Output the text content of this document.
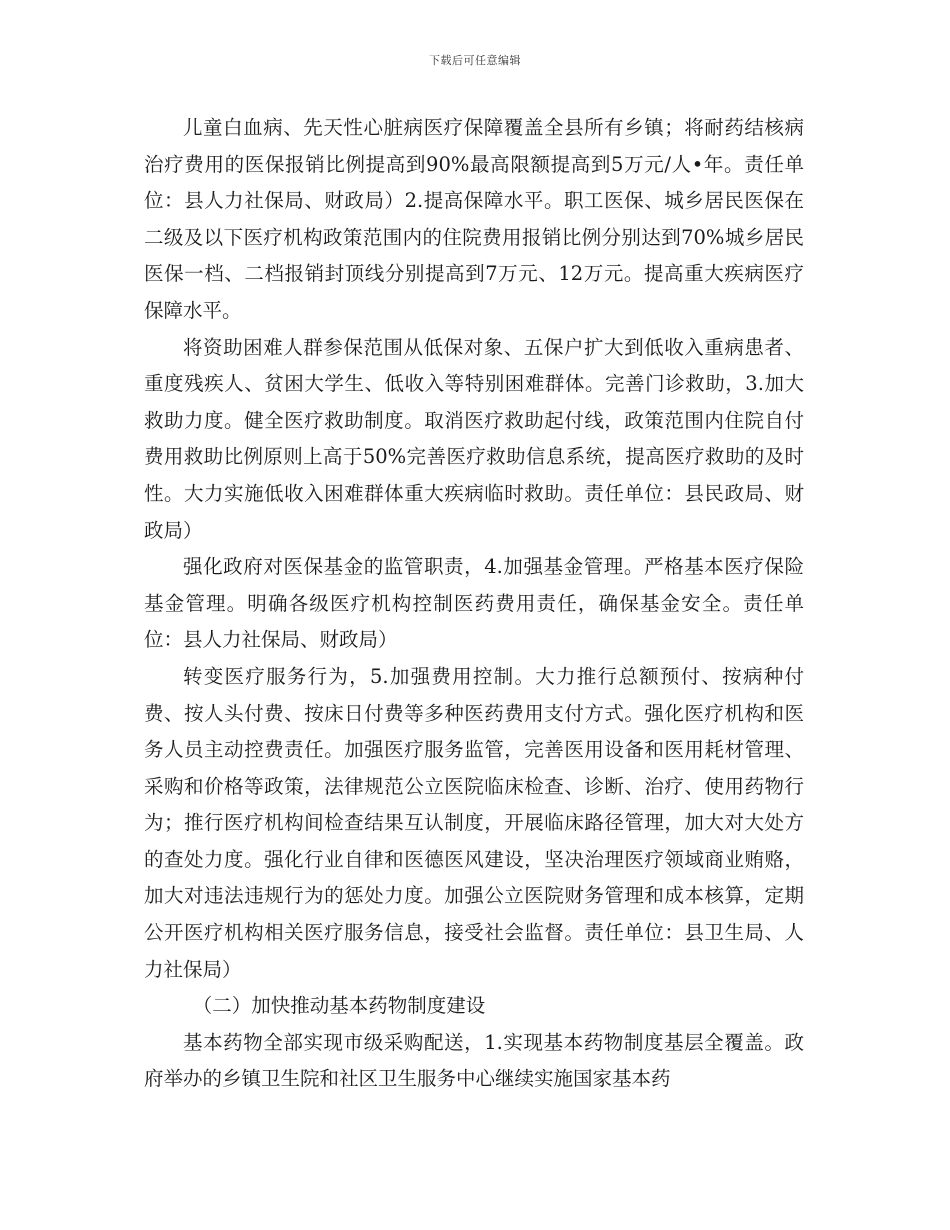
下载后可任意编辑

儿童白血病、先天性心脏病医疗保障覆盖全县所有乡镇；将耐药结核病治疗费用的医保报销比例提高到90%最高限额提高到5万元/人•年。责任单位：县人力社保局、财政局）2.提高保障水平。职工医保、城乡居民医保在二级及以下医疗机构政策范围内的住院费用报销比例分别达到70%城乡居民医保一档、二档报销封顶线分别提高到7万元、12万元。提高重大疾病医疗保障水平。

将资助困难人群参保范围从低保对象、五保户扩大到低收入重病患者、重度残疾人、贫困大学生、低收入等特别困难群体。完善门诊救助，3.加大救助力度。健全医疗救助制度。取消医疗救助起付线，政策范围内住院自付费用救助比例原则上高于50%完善医疗救助信息系统，提高医疗救助的及时性。大力实施低收入困难群体重大疾病临时救助。责任单位：县民政局、财政局）

强化政府对医保基金的监管职责，4.加强基金管理。严格基本医疗保险基金管理。明确各级医疗机构控制医药费用责任，确保基金安全。责任单位：县人力社保局、财政局）

转变医疗服务行为，5.加强费用控制。大力推行总额预付、按病种付费、按人头付费、按床日付费等多种医药费用支付方式。强化医疗机构和医务人员主动控费责任。加强医疗服务监管，完善医用设备和医用耗材管理、采购和价格等政策，法律规范公立医院临床检查、诊断、治疗、使用药物行为；推行医疗机构间检查结果互认制度，开展临床路径管理，加大对大处方的查处力度。强化行业自律和医德医风建设，坚决治理医疗领域商业贿赂，加大对违法违规行为的惩处力度。加强公立医院财务管理和成本核算，定期公开医疗机构相关医疗服务信息，接受社会监督。责任单位：县卫生局、人力社保局）

（二）加快推动基本药物制度建设

基本药物全部实现市级采购配送，1.实现基本药物制度基层全覆盖。政府举办的乡镇卫生院和社区卫生服务中心继续实施国家基本药
